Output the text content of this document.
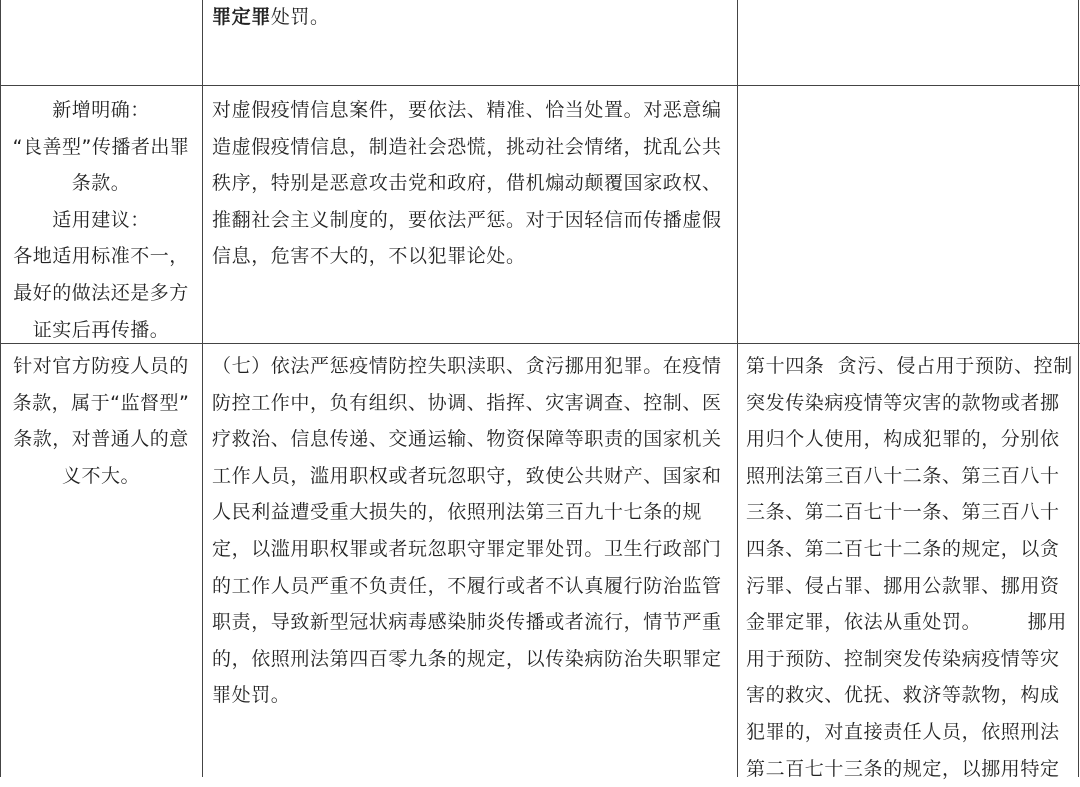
罪定罪处罚。

新增明确：

“良善型”传播者出罪

条款。

适用建议：

各地适用标准不一，

最好的做法还是多方

证实后再传播。

对虚假疫情信息案件，要依法、精准、恰当处置。对恶意编

造虚假疫情信息，制造社会恐慌，挑动社会情绪，扰乱公共

秩序，特别是恶意攻击党和政府，借机煽动颠覆国家政权、

推翻社会主义制度的，要依法严惩。对于因轻信而传播虚假

信息，危害不大的，不以犯罪论处。

针对官方防疫人员的

条款，属于“监督型”

条款，对普通人的意

义不大。

（七）依法严惩疫情防控失职渎职、贪污挪用犯罪。在疫情

防控工作中，负有组织、协调、指挥、灾害调查、控制、医

疗救治、信息传递、交通运输、物资保障等职责的国家机关

工作人员，滥用职权或者玩忽职守，致使公共财产、国家和

人民利益遭受重大损失的，依照刑法第三百九十七条的规

定，以滥用职权罪或者玩忽职守罪定罪处罚。卫生行政部门

的工作人员严重不负责任，不履行或者不认真履行防治监管

职责，导致新型冠状病毒感染肺炎传播或者流行，情节严重

的，依照刑法第四百零九条的规定，以传染病防治失职罪定

罪处罚。

第十四条  贪污、侵占用于预防、控制

突发传染病疫情等灾害的款物或者挪

用归个人使用，构成犯罪的，分别依

照刑法第三百八十二条、第三百八十

三条、第二百七十一条、第三百八十

四条、第二百七十二条的规定，以贪

污罪、侵占罪、挪用公款罪、挪用资

金罪定罪，依法从重处罚。       挪用

用于预防、控制突发传染病疫情等灾

害的救灾、优抚、救济等款物，构成

犯罪的，对直接责任人员，依照刑法

第二百七十三条的规定，以挪用特定
